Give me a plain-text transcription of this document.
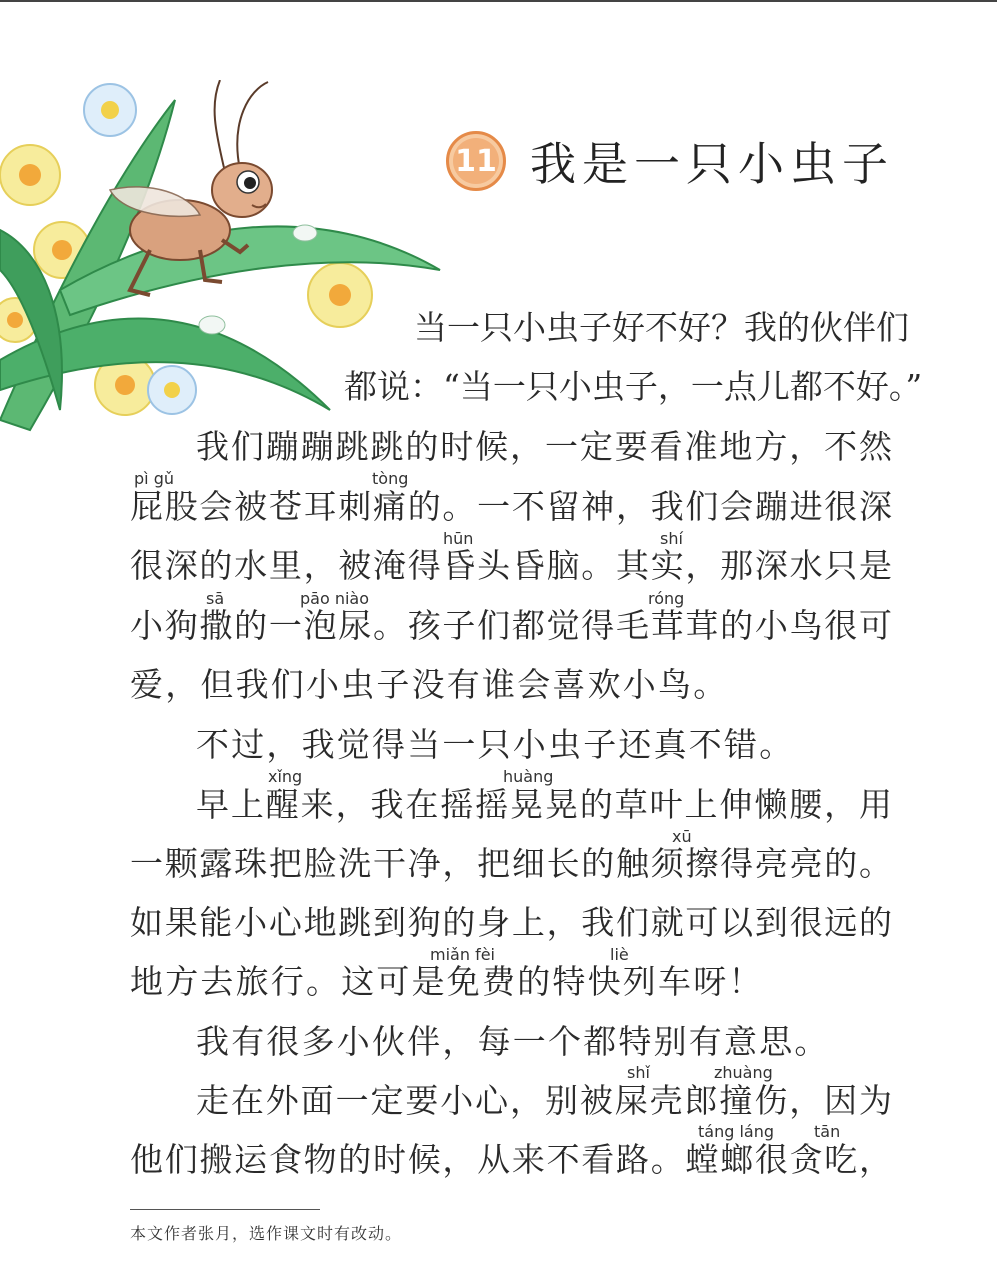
11 我是一只小虫子
pì gǔ	tòng
hūn	shí
sā	pāo niào	róng
xǐng	huàng
xū
miǎn fèi	liè
shǐ	zhuàng
táng láng tān
当一只小虫子好不好？我的伙伴们
都说：“当一只小虫子，一点儿都不好。”
我们蹦蹦跳跳的时候，一定要看准地方，不然
屁股会被苍耳刺痛的。一不留神，我们会蹦进很深
很深的水里，被淹得昏头昏脑。其实，那深水只是
小狗撒的一泡尿。孩子们都觉得毛茸茸的小鸟很可
爱，但我们小虫子没有谁会喜欢小鸟。
不过，我觉得当一只小虫子还真不错。
早上醒来，我在摇摇晃晃的草叶上伸懒腰，用
一颗露珠把脸洗干净，把细长的触须擦得亮亮的。
如果能小心地跳到狗的身上，我们就可以到很远的
地方去旅行。这可是免费的特快列车呀！
我有很多小伙伴，每一个都特别有意思。
走在外面一定要小心，别被屎壳郎撞伤，因为
他们搬运食物的时候，从来不看路。螳螂很贪吃，
本文作者张月，选作课文时有改动。
